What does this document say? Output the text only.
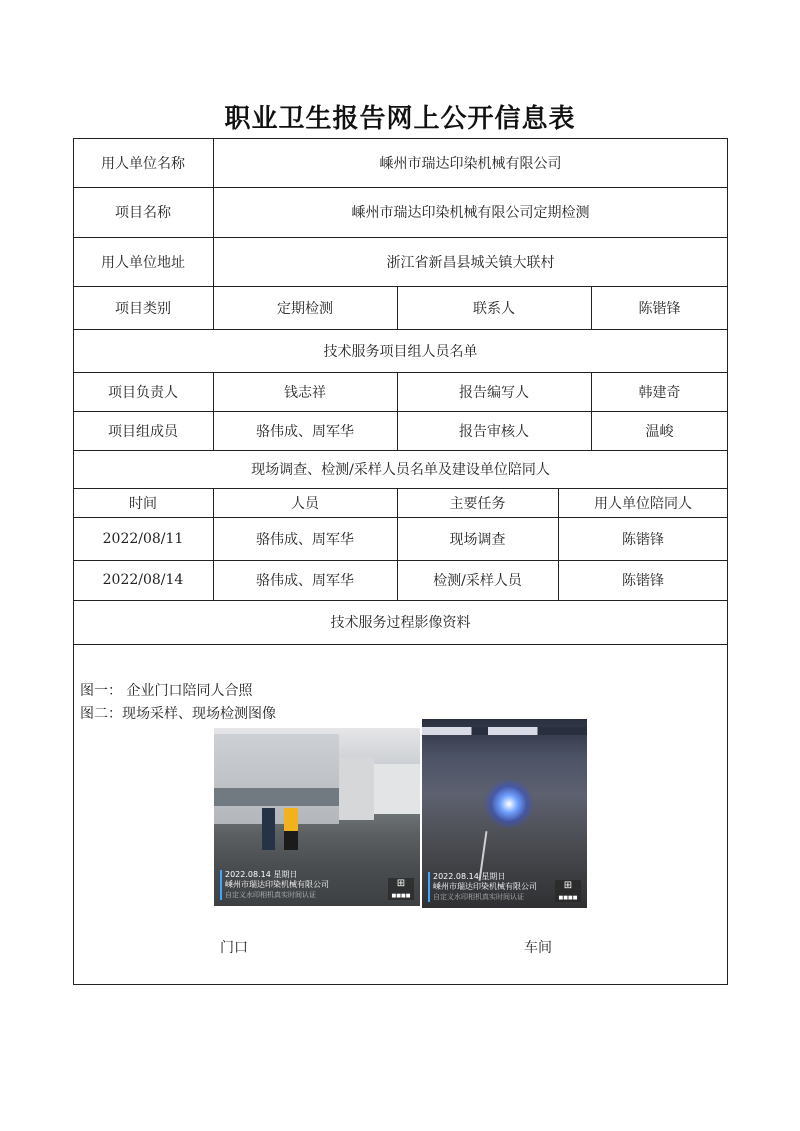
职业卫生报告网上公开信息表
用人单位名称	嵊州市瑞达印染机械有限公司
项目名称	嵊州市瑞达印染机械有限公司定期检测
用人单位地址	浙江省新昌县城关镇大联村
项目类别	定期检测	联系人	陈锴锋
技术服务项目组人员名单
项目负责人	钱志祥	报告编写人	韩建奇
项目组成员	骆伟成、周军华	报告审核人	温峻
现场调查、检测/采样人员名单及建设单位陪同人
时间	人员	主要任务	用人单位陪同人
2022/08/11	骆伟成、周军华	现场调查	陈锴锋
2022/08/14	骆伟成、周军华	检测/采样人员	陈锴锋
技术服务过程影像资料
图一： 企业门口陪同人合照
图二：现场采样、现场检测图像
2022.08.14 星期日
嵊州市瑞达印染机械有限公司
自定义水印相机真实时间认证
⊞
■■■■
2022.08.14 星期日
嵊州市瑞达印染机械有限公司
自定义水印相机真实时间认证
⊞
■■■■
门口	车间
